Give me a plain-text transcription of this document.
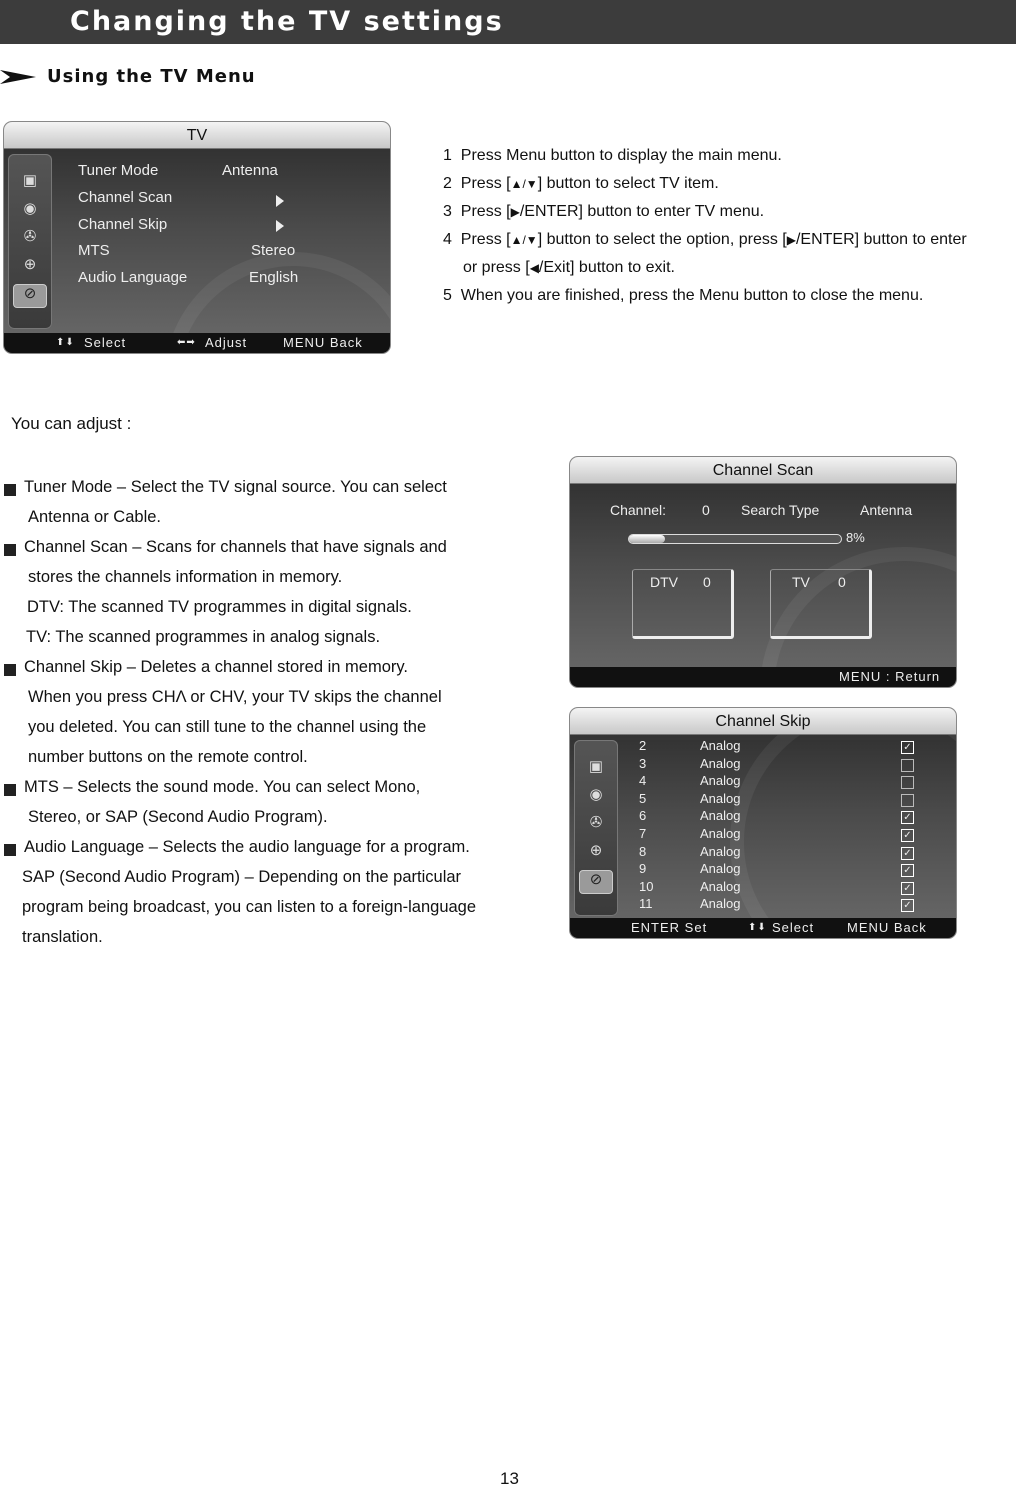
Changing the TV settings
Using the TV Menu
TV
▣
◉
✇
⊕
⊘
Tuner Mode	Antenna
Channel Scan
Channel Skip
MTS	Stereo
Audio Language	English
⬆⬇ Select	⬅➡ Adjust	MENU Back
1 Press Menu button to display the main menu.
2 Press [▲/▼] button to select TV item.
3 Press [▶/ENTER] button to enter TV menu.
4 Press [▲/▼] button to select the option, press [▶/ENTER] button to enter
or press [◀/Exit] button to exit.
5 When you are finished, press the Menu button to close the menu.
You can adjust :
Tuner Mode – Select the TV signal source. You can select
Antenna or Cable.
Channel Scan – Scans for channels that have signals and
stores the channels information in memory.
DTV: The scanned TV programmes in digital signals.
TV: The scanned programmes in analog signals.
Channel Skip – Deletes a channel stored in memory.
When you press CHΛ or CHV, your TV skips the channel
you deleted. You can still tune to the channel using the
number buttons on the remote control.
MTS – Selects the sound mode. You can select Mono,
Stereo, or SAP (Second Audio Program).
Audio Language – Selects the audio language for a program.
SAP (Second Audio Program) – Depending on the particular
program being broadcast, you can listen to a foreign-language
translation.
Channel Scan
Channel:	0 Search Type	Antenna
8%
DTV 0	TV 0
MENU : Return
Channel Skip
▣
◉
✇
⊕
⊘
2	Analog	✓
3	Analog
4	Analog
5	Analog
6	Analog	✓
7	Analog	✓
8	Analog	✓
9	Analog	✓
10	Analog	✓
11	Analog	✓
ENTER Set	⬆⬇ Select	MENU Back
13
